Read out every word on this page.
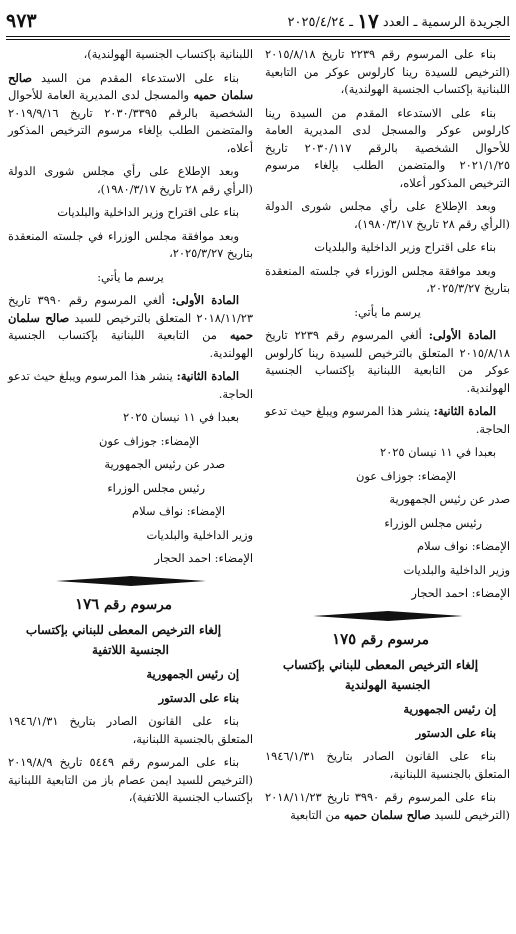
الجريدة الرسمية ـ العدد ١٧ ـ ٢٠٢٥/٤/٢٤
٩٧٣

بناء على المرسوم رقم ٢٢٣٩ تاريخ ٢٠١٥/٨/١٨ (الترخيص للسيدة رينا كارلوس عوكر من التابعية اللبنانية بإكتساب الجنسية الهولندية)،

بناء على الاستدعاء المقدم من السيدة رينا كارلوس عوكر والمسجل لدى المديرية العامة للأحوال الشخصية بالرقم ٢٠٣٠/١١٧ تاريخ ٢٠٢١/١/٢٥ والمتضمن الطلب بإلغاء مرسوم الترخيص المذكور أعلاه،

وبعد الإطلاع على رأي مجلس شورى الدولة (الرأي رقم ٢٨ تاريخ ١٩٨٠/٣/١٧)،

بناء على اقتراح وزير الداخلية والبلديات

وبعد موافقة مجلس الوزراء في جلسته المنعقدة بتاريخ ٢٠٢٥/٣/٢٧،

يرسم ما يأتي:

المادة الأولى: ألغي المرسوم رقم ٢٢٣٩ تاريخ ٢٠١٥/٨/١٨ المتعلق بالترخيص للسيدة رينا كارلوس عوكر من التابعية اللبنانية بإكتساب الجنسية الهولندية.

المادة الثانية: ينشر هذا المرسوم ويبلغ حيث تدعو الحاجة.

بعبدا في ١١ نيسان ٢٠٢٥

الإمضاء: جوزاف عون

صدر عن رئيس الجمهورية

رئيس مجلس الوزراء

الإمضاء: نواف سلام

وزير الداخلية والبلديات

الإمضاء: احمد الحجار

مرسوم رقم ١٧٥

إلغاء الترخيص المعطى للبناني بإكتساب الجنسية الهولندية

إن رئيس الجمهورية

بناء على الدستور

بناء على القانون الصادر بتاريخ ١٩٤٦/١/٣١ المتعلق بالجنسية اللبنانية،

بناء على المرسوم رقم ٣٩٩٠ تاريخ ٢٠١٨/١١/٢٣ (الترخيص للسيد صالح سلمان حميه من التابعية

اللبنانية بإكتساب الجنسية الهولندية)،

بناء على الاستدعاء المقدم من السيد صالح سلمان حميه والمسجل لدى المديرية العامة للأحوال الشخصية بالرقم ٢٠٣٠/٣٣٩٥ تاريخ ٢٠١٩/٩/١٦ والمتضمن الطلب بإلغاء مرسوم الترخيص المذكور أعلاه،

وبعد الإطلاع على رأي مجلس شورى الدولة (الرأي رقم ٢٨ تاريخ ١٩٨٠/٣/١٧)،

بناء على اقتراح وزير الداخلية والبلديات

وبعد موافقة مجلس الوزراء في جلسته المنعقدة بتاريخ ٢٠٢٥/٣/٢٧،

يرسم ما يأتي:

المادة الأولى: ألغي المرسوم رقم ٣٩٩٠ تاريخ ٢٠١٨/١١/٢٣ المتعلق بالترخيص للسيد صالح سلمان حميه من التابعية اللبنانية بإكتساب الجنسية الهولندية.

المادة الثانية: ينشر هذا المرسوم ويبلغ حيث تدعو الحاجة.

بعبدا في ١١ نيسان ٢٠٢٥

الإمضاء: جوزاف عون

صدر عن رئيس الجمهورية

رئيس مجلس الوزراء

الإمضاء: نواف سلام

وزير الداخلية والبلديات

الإمضاء: احمد الحجار

مرسوم رقم ١٧٦

إلغاء الترخيص المعطى للبناني بإكتساب الجنسية اللاتفية

إن رئيس الجمهورية

بناء على الدستور

بناء على القانون الصادر بتاريخ ١٩٤٦/١/٣١ المتعلق بالجنسية اللبنانية،

بناء على المرسوم رقم ٥٤٤٩ تاريخ ٢٠١٩/٨/٩ (الترخيص للسيد ايمن عصام باز من التابعية اللبنانية بإكتساب الجنسية اللاتفية)،
